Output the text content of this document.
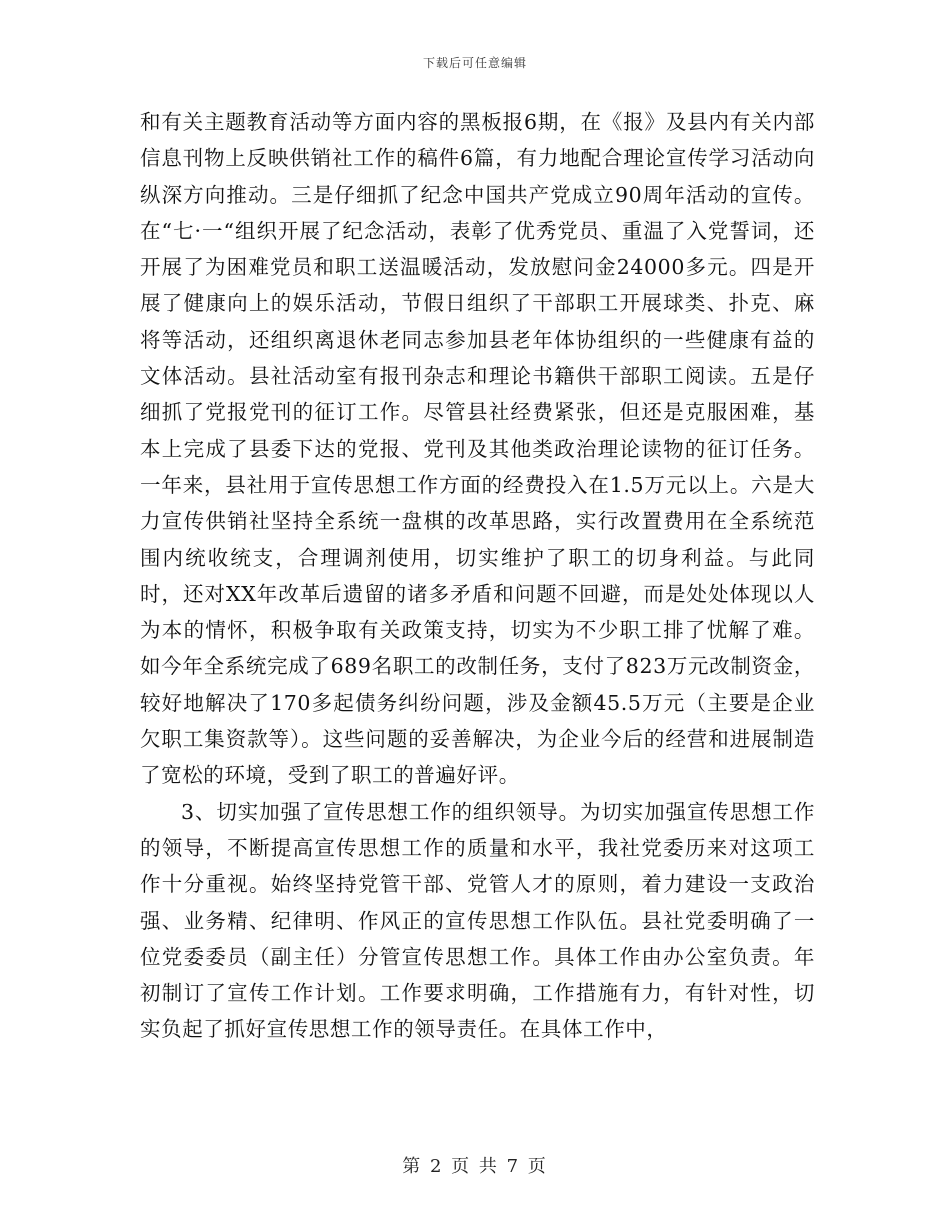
下载后可任意编辑

和有关主题教育活动等方面内容的黑板报6期，在《报》及县内有关内部信息刊物上反映供销社工作的稿件6篇，有力地配合理论宣传学习活动向纵深方向推动。三是仔细抓了纪念中国共产党成立90周年活动的宣传。在“七·一“组织开展了纪念活动，表彰了优秀党员、重温了入党誓词，还开展了为困难党员和职工送温暖活动，发放慰问金24000多元。四是开展了健康向上的娱乐活动，节假日组织了干部职工开展球类、扑克、麻将等活动，还组织离退休老同志参加县老年体协组织的一些健康有益的文体活动。县社活动室有报刊杂志和理论书籍供干部职工阅读。五是仔细抓了党报党刊的征订工作。尽管县社经费紧张，但还是克服困难，基本上完成了县委下达的党报、党刊及其他类政治理论读物的征订任务。一年来，县社用于宣传思想工作方面的经费投入在1.5万元以上。六是大力宣传供销社坚持全系统一盘棋的改革思路，实行改置费用在全系统范围内统收统支，合理调剂使用，切实维护了职工的切身利益。与此同时，还对XX年改革后遗留的诸多矛盾和问题不回避，而是处处体现以人为本的情怀，积极争取有关政策支持，切实为不少职工排了忧解了难。如今年全系统完成了689名职工的改制任务，支付了823万元改制资金，较好地解决了170多起债务纠纷问题，涉及金额45.5万元（主要是企业欠职工集资款等）。这些问题的妥善解决，为企业今后的经营和进展制造了宽松的环境，受到了职工的普遍好评。

3、切实加强了宣传思想工作的组织领导。为切实加强宣传思想工作的领导，不断提高宣传思想工作的质量和水平，我社党委历来对这项工作十分重视。始终坚持党管干部、党管人才的原则，着力建设一支政治强、业务精、纪律明、作风正的宣传思想工作队伍。县社党委明确了一位党委委员（副主任）分管宣传思想工作。具体工作由办公室负责。年初制订了宣传工作计划。工作要求明确，工作措施有力，有针对性，切实负起了抓好宣传思想工作的领导责任。在具体工作中，

第 2 页 共 7 页
